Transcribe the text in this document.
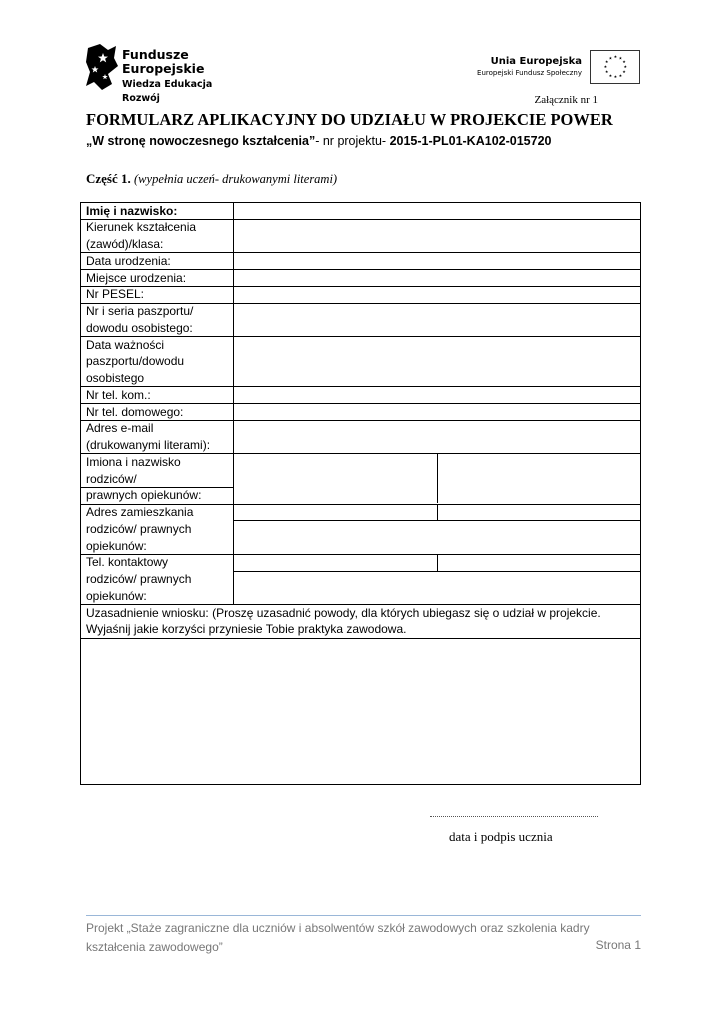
Fundusze
Europejskie
Wiedza Edukacja Rozwój
Unia Europejska
Europejski Fundusz Społeczny
★ ★
★
★
★
★
★
★
★
★
★
★
Załącznik nr 1
FORMULARZ APLIKACYJNY DO UDZIAŁU W PROJEKCIE POWER
„W stronę nowoczesnego kształcenia”- nr projektu- 2015-1-PL01-KA102-015720
Część 1. (wypełnia uczeń- drukowanymi literami)
Imię i nazwisko:
Kierunek kształcenia
(zawód)/klasa:
Data urodzenia:
Miejsce urodzenia:
Nr PESEL:
Nr i seria paszportu/
dowodu osobistego:
Data ważności
paszportu/dowodu
osobistego
Nr tel. kom.:
Nr tel. domowego:
Adres e-mail
(drukowanymi literami):
Imiona i nazwisko
rodziców/
prawnych opiekunów:
Adres zamieszkania
rodziców/ prawnych
opiekunów:
Tel. kontaktowy
rodziców/ prawnych
opiekunów:
Uzasadnienie wniosku: (Proszę uzasadnić powody, dla których ubiegasz się o udział w projekcie.
Wyjaśnij jakie korzyści przyniesie Tobie praktyka zawodowa.
data i podpis ucznia
Projekt „Staże zagraniczne dla uczniów i absolwentów szkół zawodowych oraz szkolenia kadry
kształcenia zawodowego”	Strona 1
